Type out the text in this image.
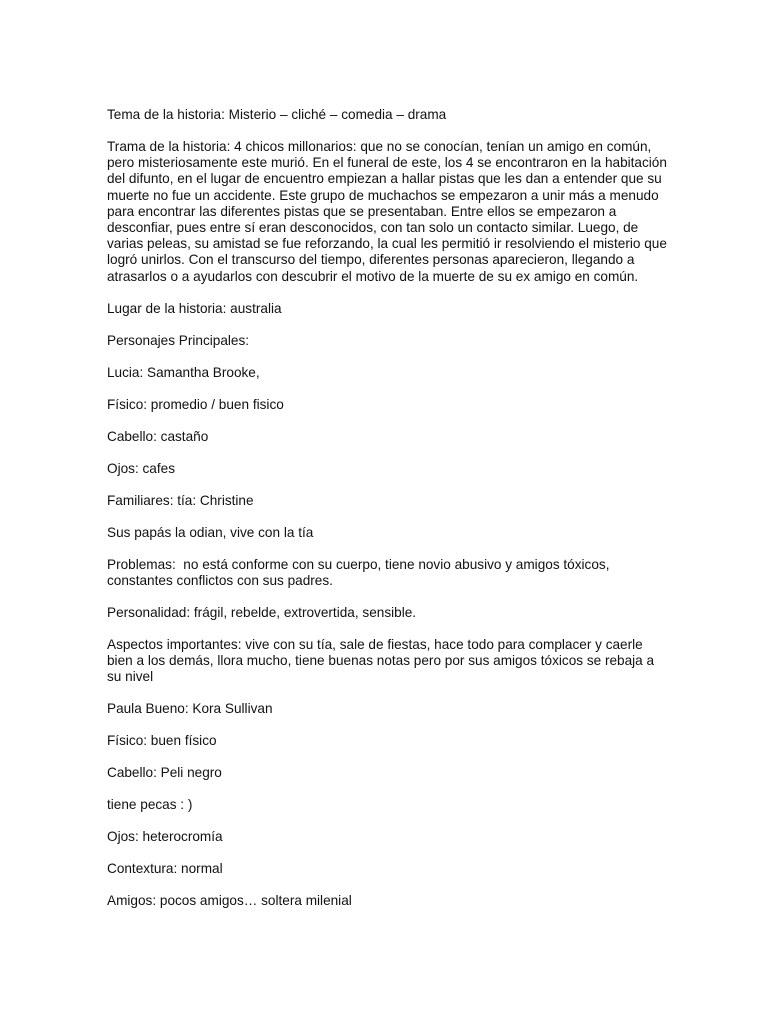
Tema de la historia: Misterio – cliché – comedia – drama

Trama de la historia: 4 chicos millonarios: que no se conocían, tenían un amigo en común, pero misteriosamente este murió. En el funeral de este, los 4 se encontraron en la habitación del difunto, en el lugar de encuentro empiezan a hallar pistas que les dan a entender que su muerte no fue un accidente. Este grupo de muchachos se empezaron a unir más a menudo para encontrar las diferentes pistas que se presentaban. Entre ellos se empezaron a desconfiar, pues entre sí eran desconocidos, con tan solo un contacto similar. Luego, de varias peleas, su amistad se fue reforzando, la cual les permitió ir resolviendo el misterio que logró unirlos. Con el transcurso del tiempo, diferentes personas aparecieron, llegando a atrasarlos o a ayudarlos con descubrir el motivo de la muerte de su ex amigo en común.

Lugar de la historia: australia

Personajes Principales:

Lucia: Samantha Brooke,

Físico: promedio / buen fisico

Cabello: castaño

Ojos: cafes

Familiares: tía: Christine

Sus papás la odian, vive con la tía

Problemas:  no está conforme con su cuerpo, tiene novio abusivo y amigos tóxicos, constantes conflictos con sus padres.

Personalidad: frágil, rebelde, extrovertida, sensible.

Aspectos importantes: vive con su tía, sale de fiestas, hace todo para complacer y caerle bien a los demás, llora mucho, tiene buenas notas pero por sus amigos tóxicos se rebaja a su nivel

Paula Bueno: Kora Sullivan

Físico: buen físico

Cabello: Peli negro

tiene pecas : )

Ojos: heterocromía

Contextura: normal

Amigos: pocos amigos… soltera milenial
